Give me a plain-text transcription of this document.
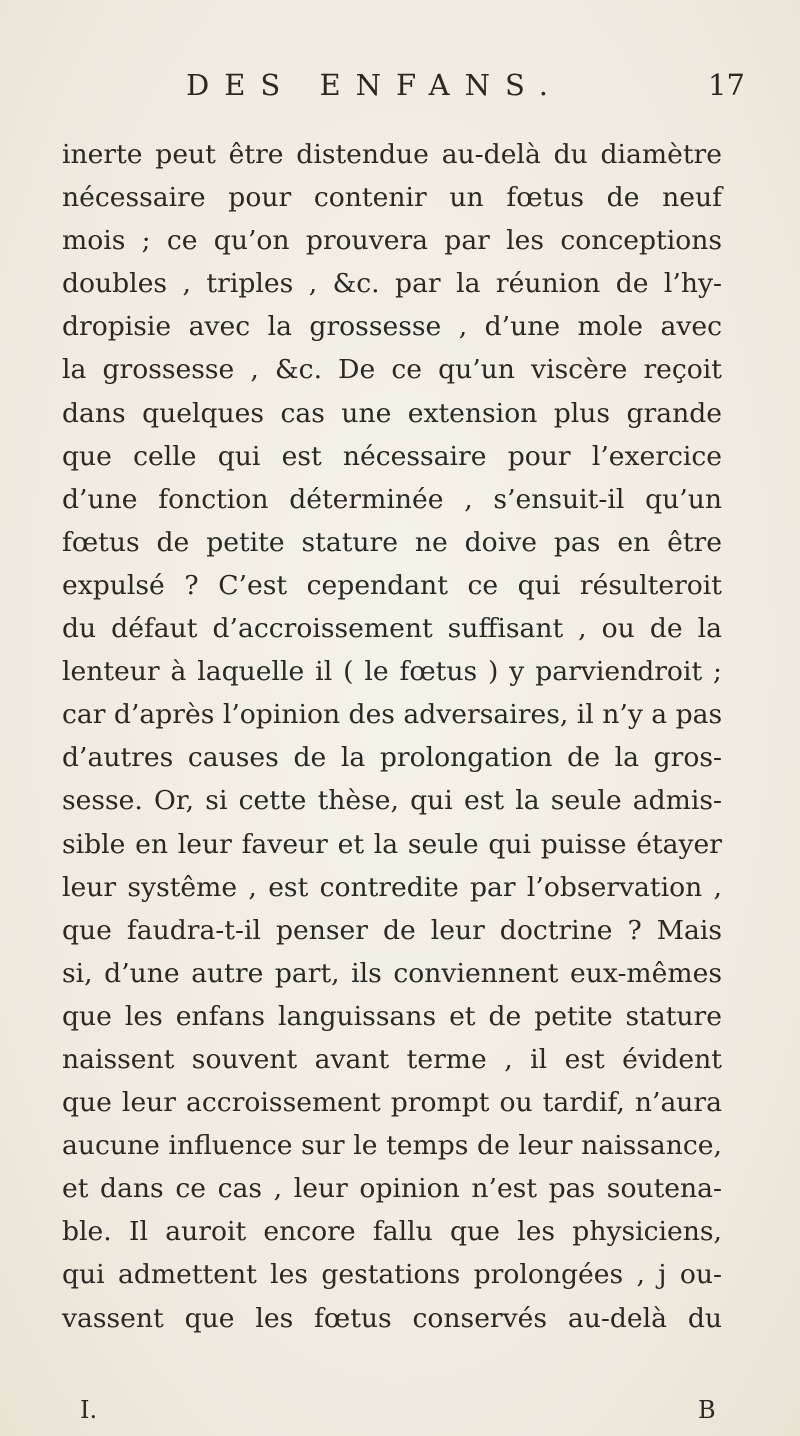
DES ENFANS.	17
inerte peut être distendue au-delà du diamètre
nécessaire pour contenir un fœtus de neuf
mois ; ce qu’on prouvera par les conceptions
doubles , triples , &c. par la réunion de l’hy-
dropisie avec la grossesse , d’une mole avec
la grossesse , &c. De ce qu’un viscère reçoit
dans quelques cas une extension plus grande
que celle qui est nécessaire pour l’exercice
d’une fonction déterminée , s’ensuit-il qu’un
fœtus de petite stature ne doive pas en être
expulsé ? C’est cependant ce qui résulteroit
du défaut d’accroissement suffisant , ou de la
lenteur à laquelle il ( le fœtus ) y parviendroit ;
car d’après l’opinion des adversaires, il n’y a pas
d’autres causes de la prolongation de la gros-
sesse. Or, si cette thèse, qui est la seule admis-
sible en leur faveur et la seule qui puisse étayer
leur systême , est contredite par l’observation ,
que faudra-t-il penser de leur doctrine ? Mais
si, d’une autre part, ils conviennent eux-mêmes
que les enfans languissans et de petite stature
naissent souvent avant terme , il est évident
que leur accroissement prompt ou tardif, n’aura
aucune influence sur le temps de leur naissance,
et dans ce cas , leur opinion n’est pas soutena-
ble. Il auroit encore fallu que les physiciens,
qui admettent les gestations prolongées , j ou-
vassent que les fœtus conservés au-delà du
I.	B
